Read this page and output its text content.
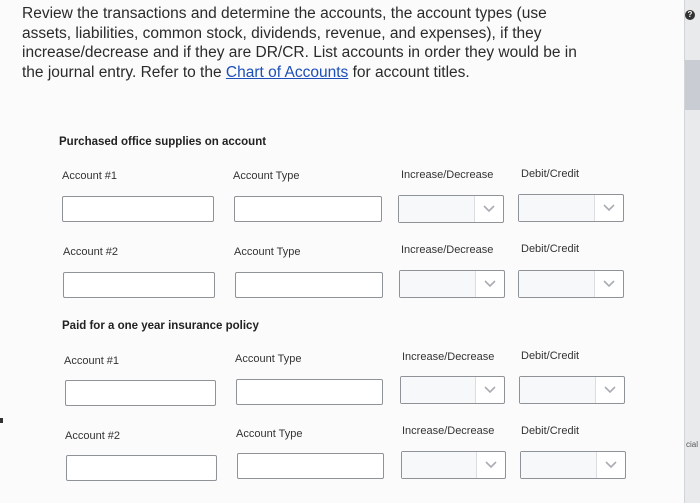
Review the transactions and determine the accounts, the account types (use assets, liabilities, common stock, dividends, revenue, and expenses), if they increase/decrease and if they are DR/CR. List accounts in order they would be in the journal entry. Refer to the Chart of Accounts for account titles.
Purchased office supplies on account
Account #1	Account Type	Increase/Decrease	Debit/Credit
Account #2	Account Type	Increase/Decrease	Debit/Credit
Paid for a one year insurance policy
Account #1	Account Type	Increase/Decrease Debit/Credit
Account #2	Account Type	Increase/Decrease Debit/Credit
?
cial
